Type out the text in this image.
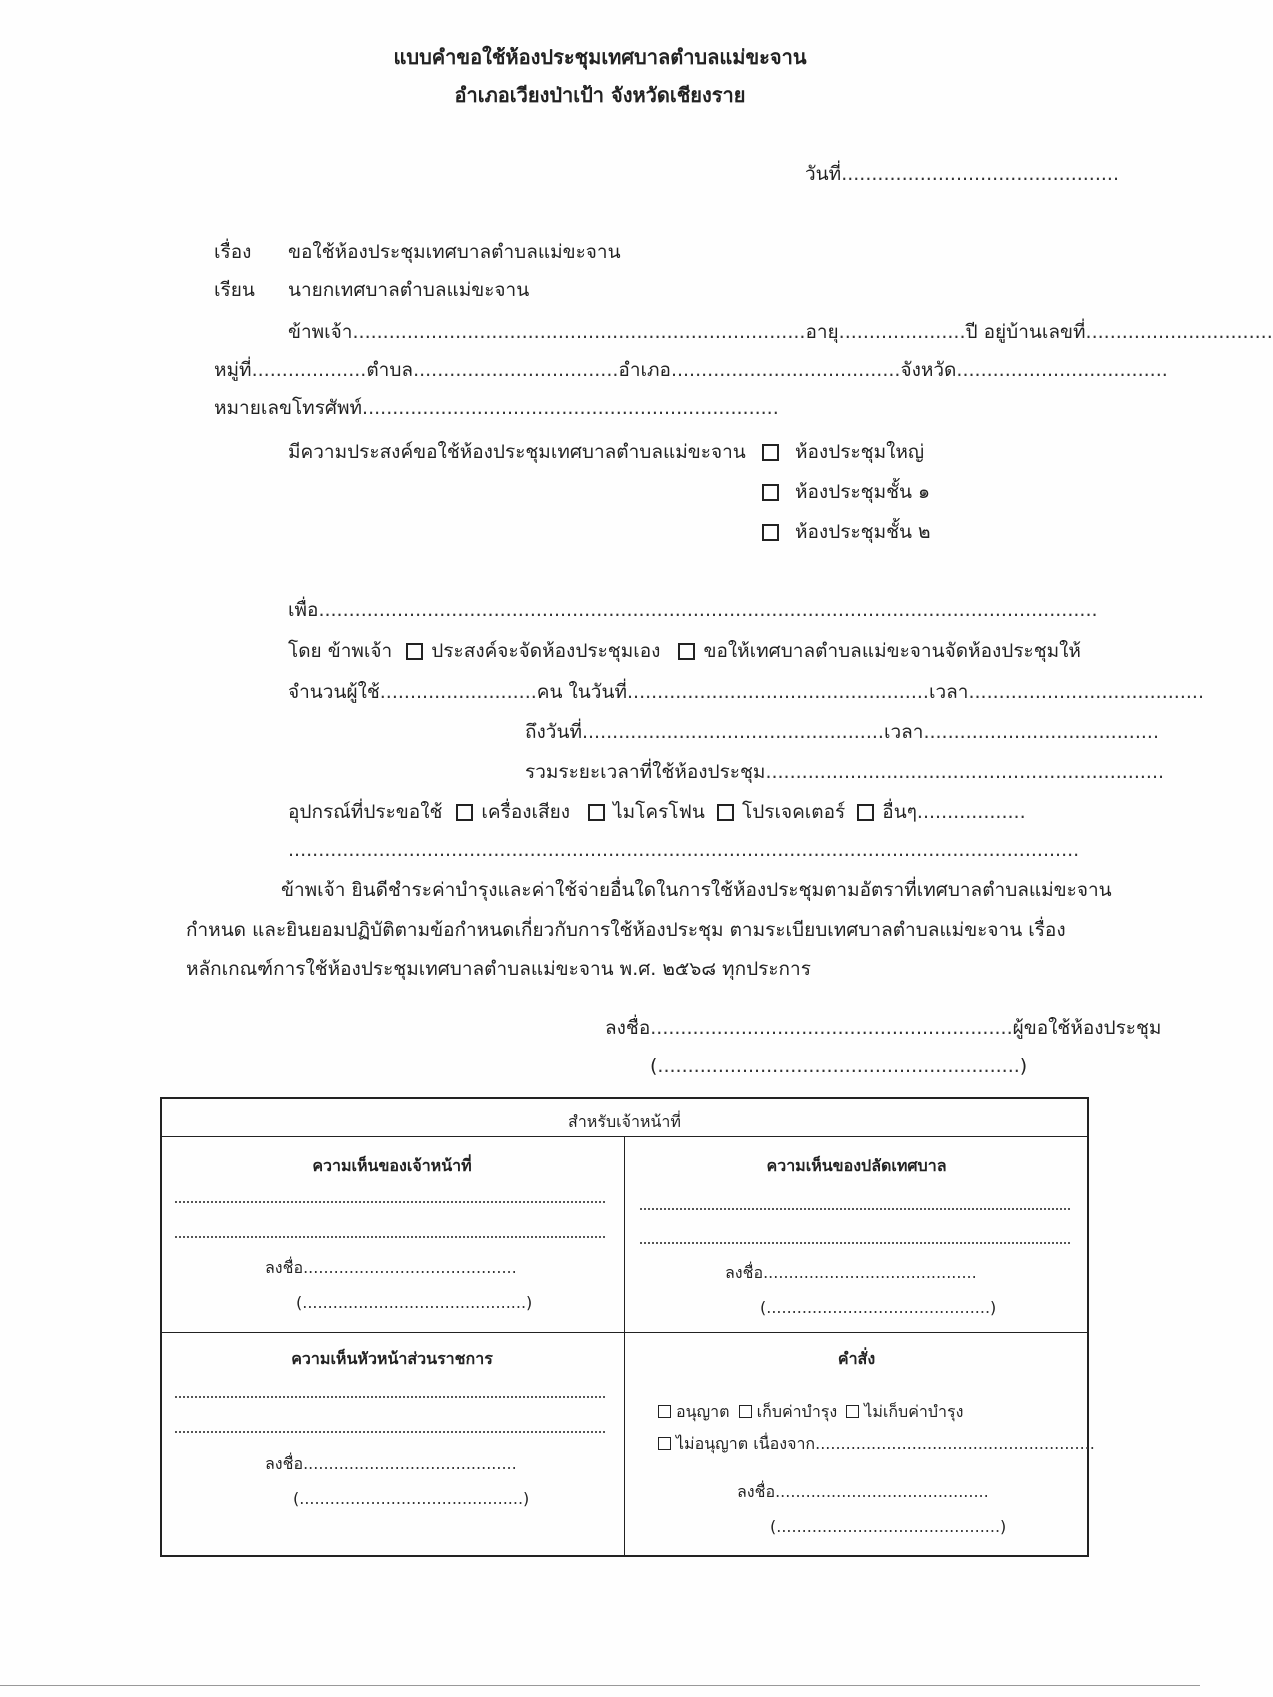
แบบคำขอใช้ห้องประชุมเทศบาลตำบลแม่ขะจาน
อำเภอเวียงป่าเป้า จังหวัดเชียงราย
วันที่..............................................
เรื่อง ขอใช้ห้องประชุมเทศบาลตำบลแม่ขะจาน
เรียน นายกเทศบาลตำบลแม่ขะจาน
ข้าพเจ้า...........................................................................อายุ.....................ปี อยู่บ้านเลขที่...............................
หมู่ที่...................ตำบล..................................อำเภอ......................................จังหวัด...................................
หมายเลขโทรศัพท์.....................................................................
มีความประสงค์ขอใช้ห้องประชุมเทศบาลตำบลแม่ขะจาน	ห้องประชุมใหญ่
ห้องประชุมชั้น ๑
ห้องประชุมชั้น ๒
เพื่อ.................................................................................................................................
โดย ข้าพเจ้า ประสงค์จะจัดห้องประชุมเอง ขอให้เทศบาลตำบลแม่ขะจานจัดห้องประชุมให้
จำนวนผู้ใช้..........................คน ในวันที่..................................................เวลา.......................................
ถึงวันที่..................................................เวลา.......................................
รวมระยะเวลาที่ใช้ห้องประชุม..................................................................
อุปกรณ์ที่ประขอใช้ เครื่องเสียง ไมโครโฟน โปรเจคเตอร์ อื่นๆ..................
...................................................................................................................................
ข้าพเจ้า ยินดีชำระค่าบำรุงและค่าใช้จ่ายอื่นใดในการใช้ห้องประชุมตามอัตราที่เทศบาลตำบลแม่ขะจาน
กำหนด และยินยอมปฏิบัติตามข้อกำหนดเกี่ยวกับการใช้ห้องประชุม ตามระเบียบเทศบาลตำบลแม่ขะจาน เรื่อง
หลักเกณฑ์การใช้ห้องประชุมเทศบาลตำบลแม่ขะจาน พ.ศ. ๒๕๖๘ ทุกประการ
ลงชื่อ............................................................ผู้ขอใช้ห้องประชุม
(............................................................)
สำหรับเจ้าหน้าที่
ความเห็นของเจ้าหน้าที่
ลงชื่อ..........................................
(............................................)
ความเห็นของปลัดเทศบาล
ลงชื่อ..........................................
(............................................)
ความเห็นหัวหน้าส่วนราชการ
ลงชื่อ..........................................
(............................................)
คำสั่ง
อนุญาต เก็บค่าบำรุง ไม่เก็บค่าบำรุง
ไม่อนุญาต เนื่องจาก.......................................................
ลงชื่อ..........................................
(............................................)
